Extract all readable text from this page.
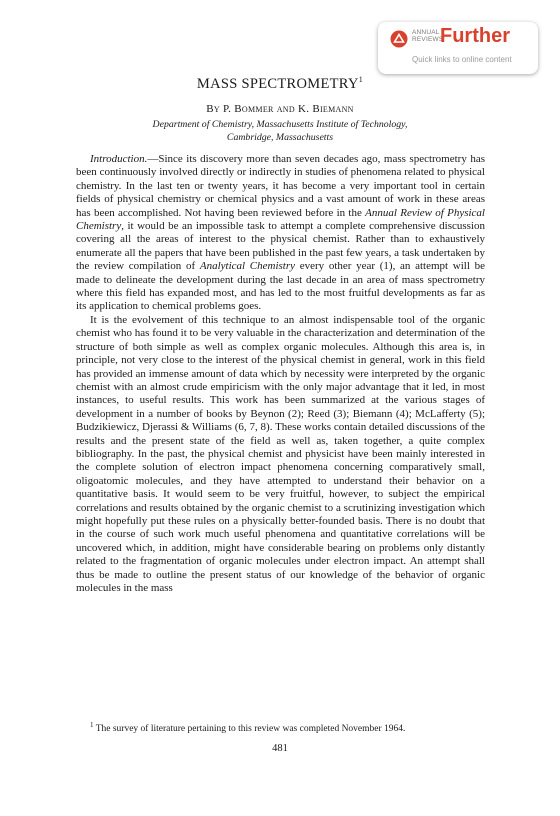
ANNUAL
REVIEWS
Further
Quick links to online content
MASS SPECTROMETRY$^1$
By P. Bommer and K. Biemann
Department of Chemistry, Massachusetts Institute of Technology,
Cambridge, Massachusetts

Introduction.—Since its discovery more than seven decades ago, mass spectrometry has been continuously involved directly or indirectly in studies of phenomena related to physical chemistry. In the last ten or twenty years, it has become a very important tool in certain fields of physical chemistry or chemical physics and a vast amount of work in these areas has been accomplished. Not having been reviewed before in the Annual Review of Physical Chemistry, it would be an impossible task to attempt a complete comprehensive discussion covering all the areas of interest to the physical chemist. Rather than to exhaustively enumerate all the papers that have been published in the past few years, a task undertaken by the review compilation of Analytical Chemistry every other year (1), an attempt will be made to delineate the development during the last decade in an area of mass spectrometry where this field has expanded most, and has led to the most fruitful developments as far as its application to chemical problems goes.

It is the evolvement of this technique to an almost indispensable tool of the organic chemist who has found it to be very valuable in the characterization and determination of the structure of both simple as well as complex organic molecules. Although this area is, in principle, not very close to the interest of the physical chemist in general, work in this field has provided an immense amount of data which by necessity were interpreted by the organic chemist with an almost crude empiricism with the only major advantage that it led, in most instances, to useful results. This work has been summarized at the various stages of development in a number of books by Beynon (2); Reed (3); Biemann (4); McLafferty (5); Budzikiewicz, Djerassi & Williams (6, 7, 8). These works contain detailed discussions of the results and the present state of the field as well as, taken together, a quite complex bibliography. In the past, the physical chemist and physicist have been mainly interested in the complete solution of electron impact phenomena concerning comparatively small, oligoatomic molecules, and they have attempted to understand their behavior on a quantitative basis. It would seem to be very fruitful, however, to subject the empirical correlations and results obtained by the organic chemist to a scrutinizing investigation which might hopefully put these rules on a physically better-founded basis. There is no doubt that in the course of such work much useful phenomena and quantitative correlations will be uncovered which, in addition, might have considerable bearing on problems only distantly related to the fragmentation of organic molecules under electron impact. An attempt shall thus be made to outline the present status of our knowledge of the behavior of organic molecules in the mass

$^1$ The survey of literature pertaining to this review was completed November 1964.
481
